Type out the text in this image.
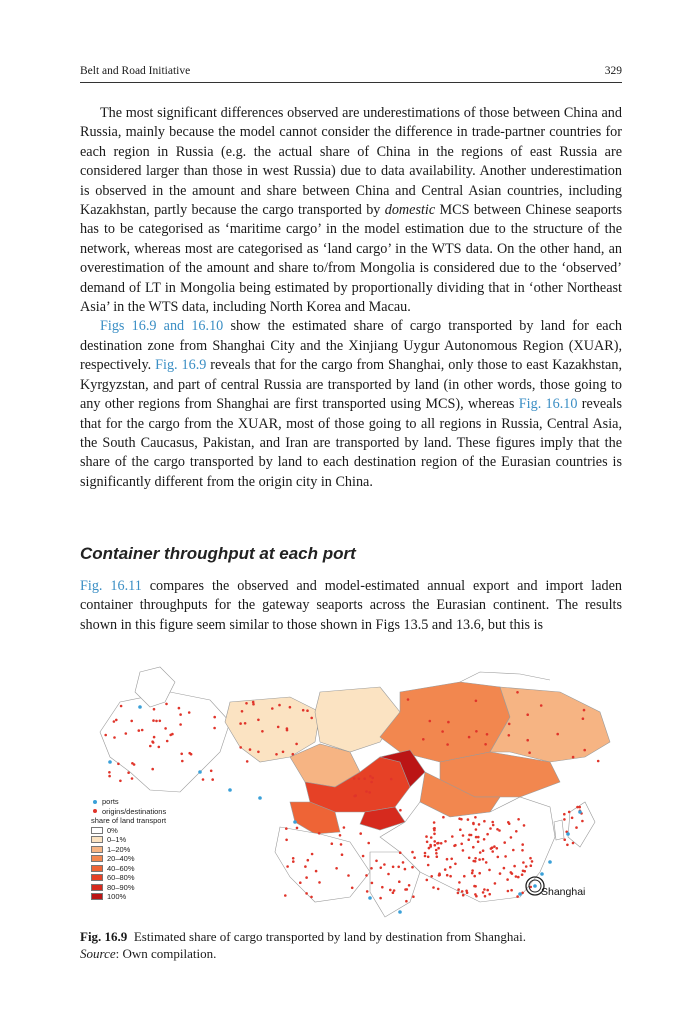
Belt and Road Initiative	329

The most significant differences observed are underestimations of those between China and Russia, mainly because the model cannot consider the difference in trade-partner countries for each region in Russia (e.g. the actual share of China in the regions of east Russia are considered larger than those in west Russia) due to data availability. Another underestimation is observed in the amount and share between China and Central Asian countries, including Kazakhstan, partly because the cargo transported by domestic MCS between Chinese seaports has to be categorised as ‘maritime cargo’ in the model estimation due to the structure of the network, whereas most are categorised as ‘land cargo’ in the WTS data. On the other hand, an overestimation of the amount and share to/from Mongolia is considered due to the ‘observed’ demand of LT in Mongolia being estimated by proportionally dividing that in ‘other Northeast Asia’ in the WTS data, including North Korea and Macau.

Figs 16.9 and 16.10 show the estimated share of cargo transported by land for each destination zone from Shanghai City and the Xinjiang Uygur Autonomous Region (XUAR), respectively. Fig. 16.9 reveals that for the cargo from Shanghai, only those to east Kazakhstan, Kyrgyzstan, and part of central Russia are transported by land (in other words, those going to any other regions from Shanghai are first transported using MCS), whereas Fig. 16.10 reveals that for the cargo from the XUAR, most of those going to all regions in Russia, Central Asia, the South Caucasus, Pakistan, and Iran are transported by land. These figures imply that the share of the cargo transported by land to each destination region of the Eurasian countries is significantly different from the origin city in China.

Container throughput at each port

Fig. 16.11 compares the observed and model-estimated annual export and import laden container throughputs for the gateway seaports across the Eurasian continent. The results shown in this figure seem similar to those shown in Figs 13.5 and 13.6, but this is

ports
origins/destinations
share of land transport
0%
0–1%
1–20%
20–40%
40–60%
60–80%
80–90%
100%	Shanghai
Fig. 16.9 Estimated share of cargo transported by land by destination from Shanghai.
Source: Own compilation.
